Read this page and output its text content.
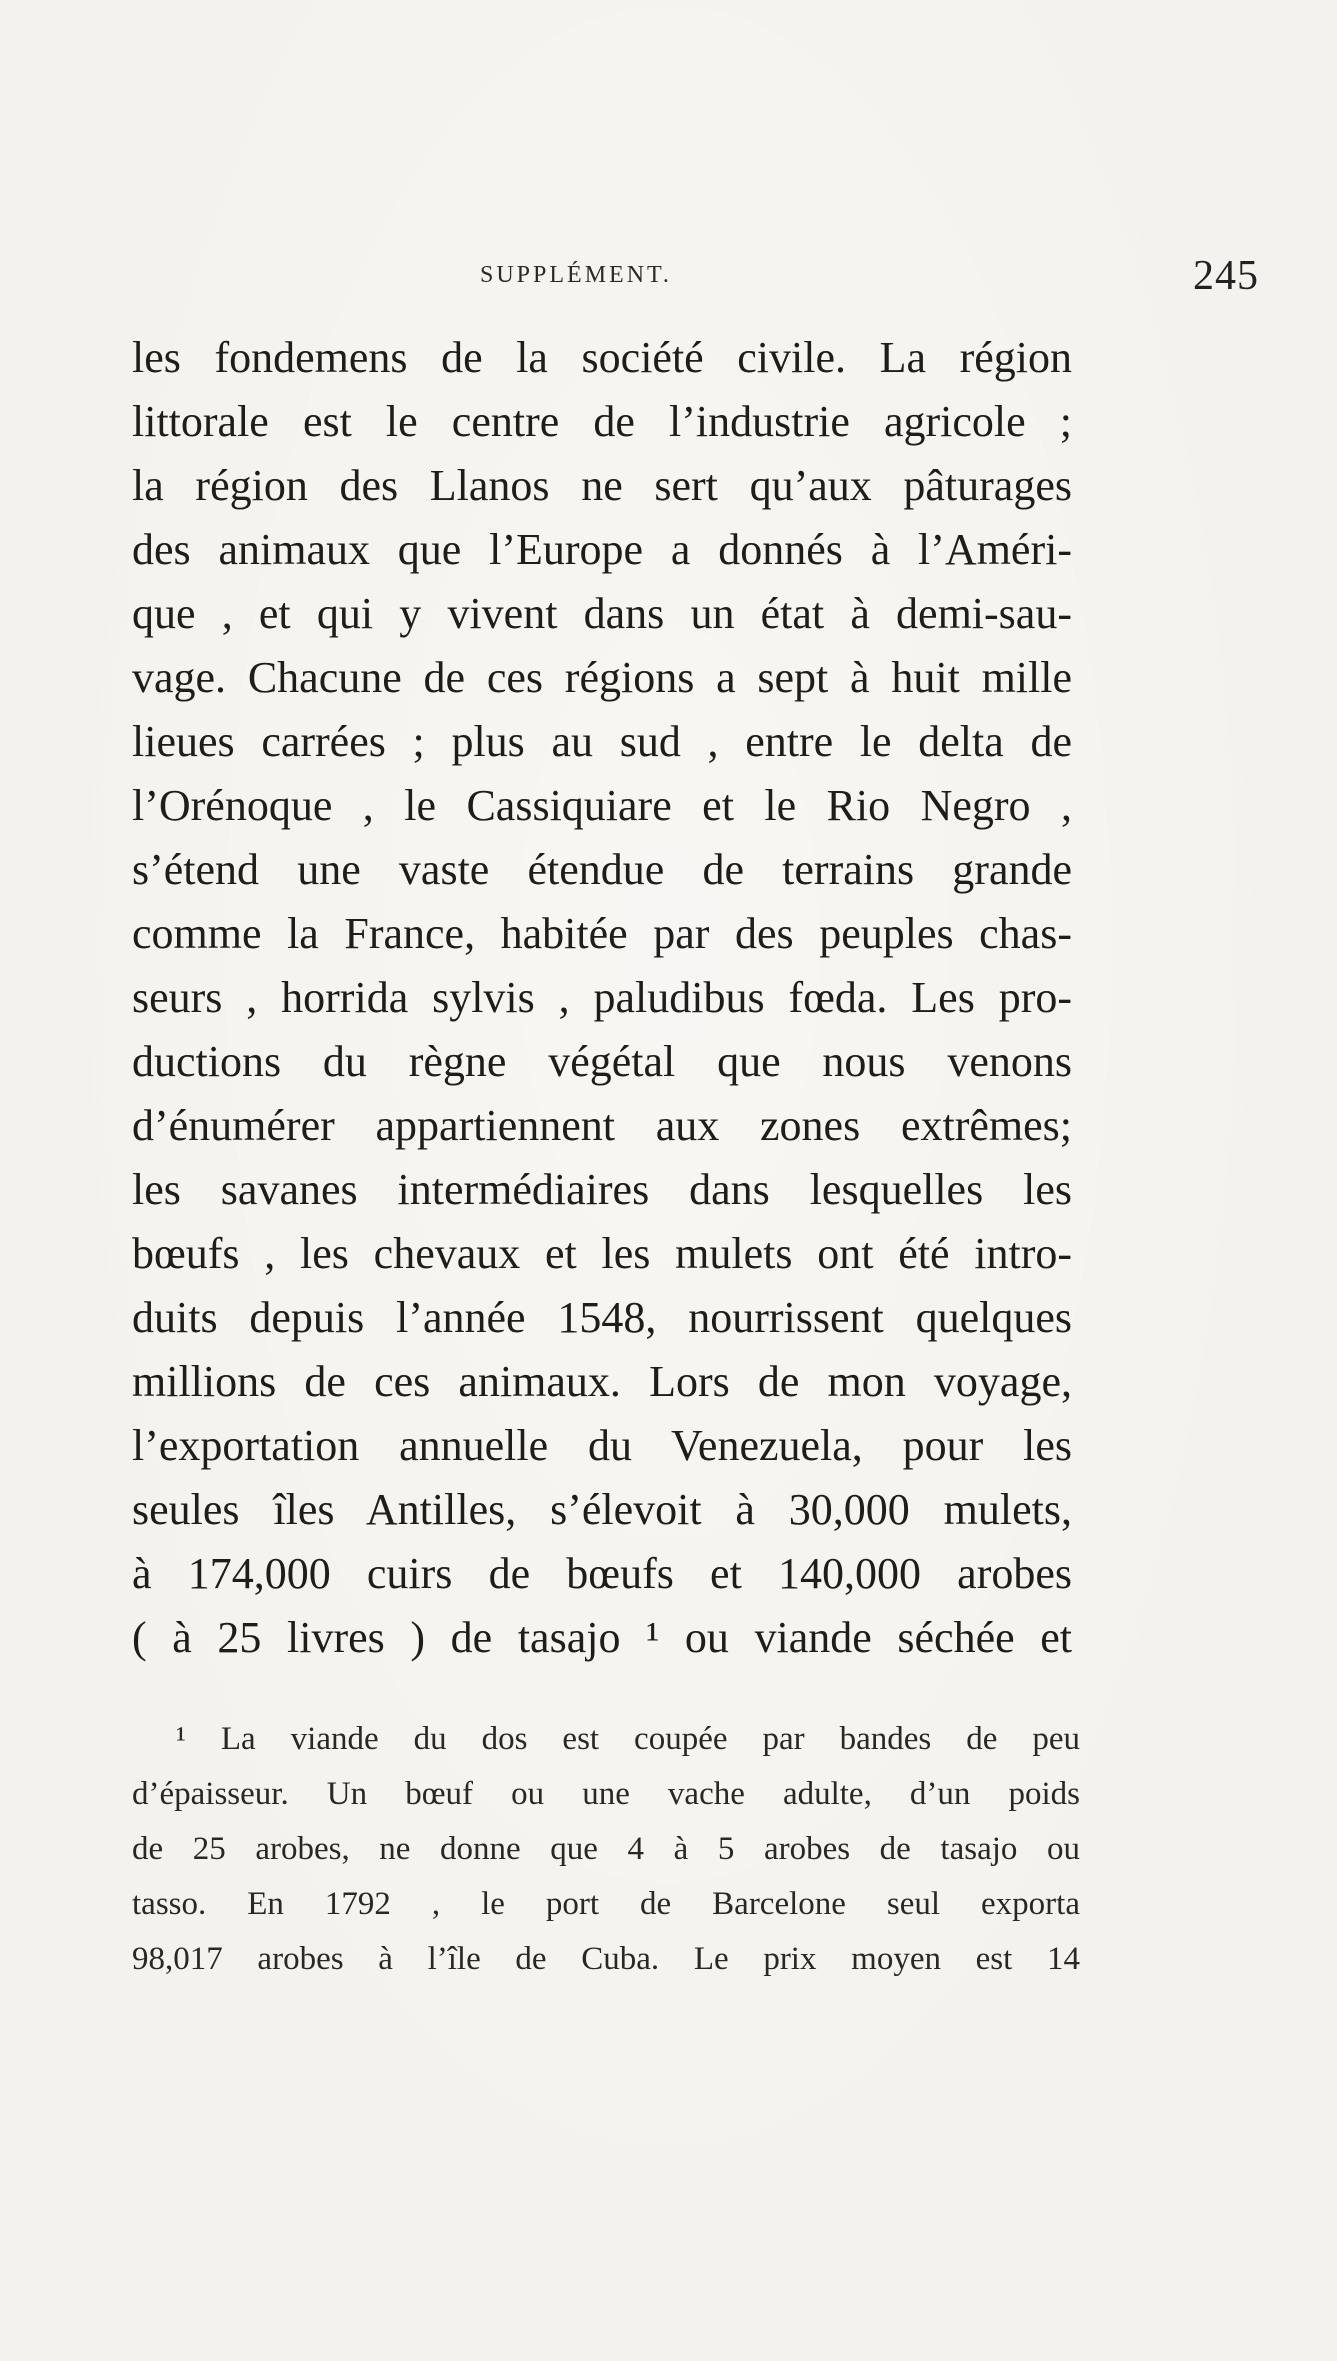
SUPPLÉMENT.	245
les fondemens de la société civile. La région
littorale est le centre de l’industrie agricole ;
la région des Llanos ne sert qu’aux pâturages
des animaux que l’Europe a donnés à l’Améri-
que , et qui y vivent dans un état à demi-sau-
vage. Chacune de ces régions a sept à huit mille
lieues carrées ; plus au sud , entre le delta de
l’Orénoque , le Cassiquiare et le Rio Negro ,
s’étend une vaste étendue de terrains grande
comme la France, habitée par des peuples chas-
seurs , horrida sylvis , paludibus fœda. Les pro-
ductions du règne végétal que nous venons
d’énumérer appartiennent aux zones extrêmes;
les savanes intermédiaires dans lesquelles les
bœufs , les chevaux et les mulets ont été intro-
duits depuis l’année 1548, nourrissent quelques
millions de ces animaux. Lors de mon voyage,
l’exportation annuelle du Venezuela, pour les
seules îles Antilles, s’élevoit à 30,000 mulets,
à 174,000 cuirs de bœufs et 140,000 arobes
( à 25 livres ) de tasajo ¹ ou viande séchée et
¹ La viande du dos est coupée par bandes de peu
d’épaisseur. Un bœuf ou une vache adulte, d’un poids
de 25 arobes, ne donne que 4 à 5 arobes de tasajo ou
tasso. En 1792 , le port de Barcelone seul exporta
98,017 arobes à l’île de Cuba. Le prix moyen est 14
